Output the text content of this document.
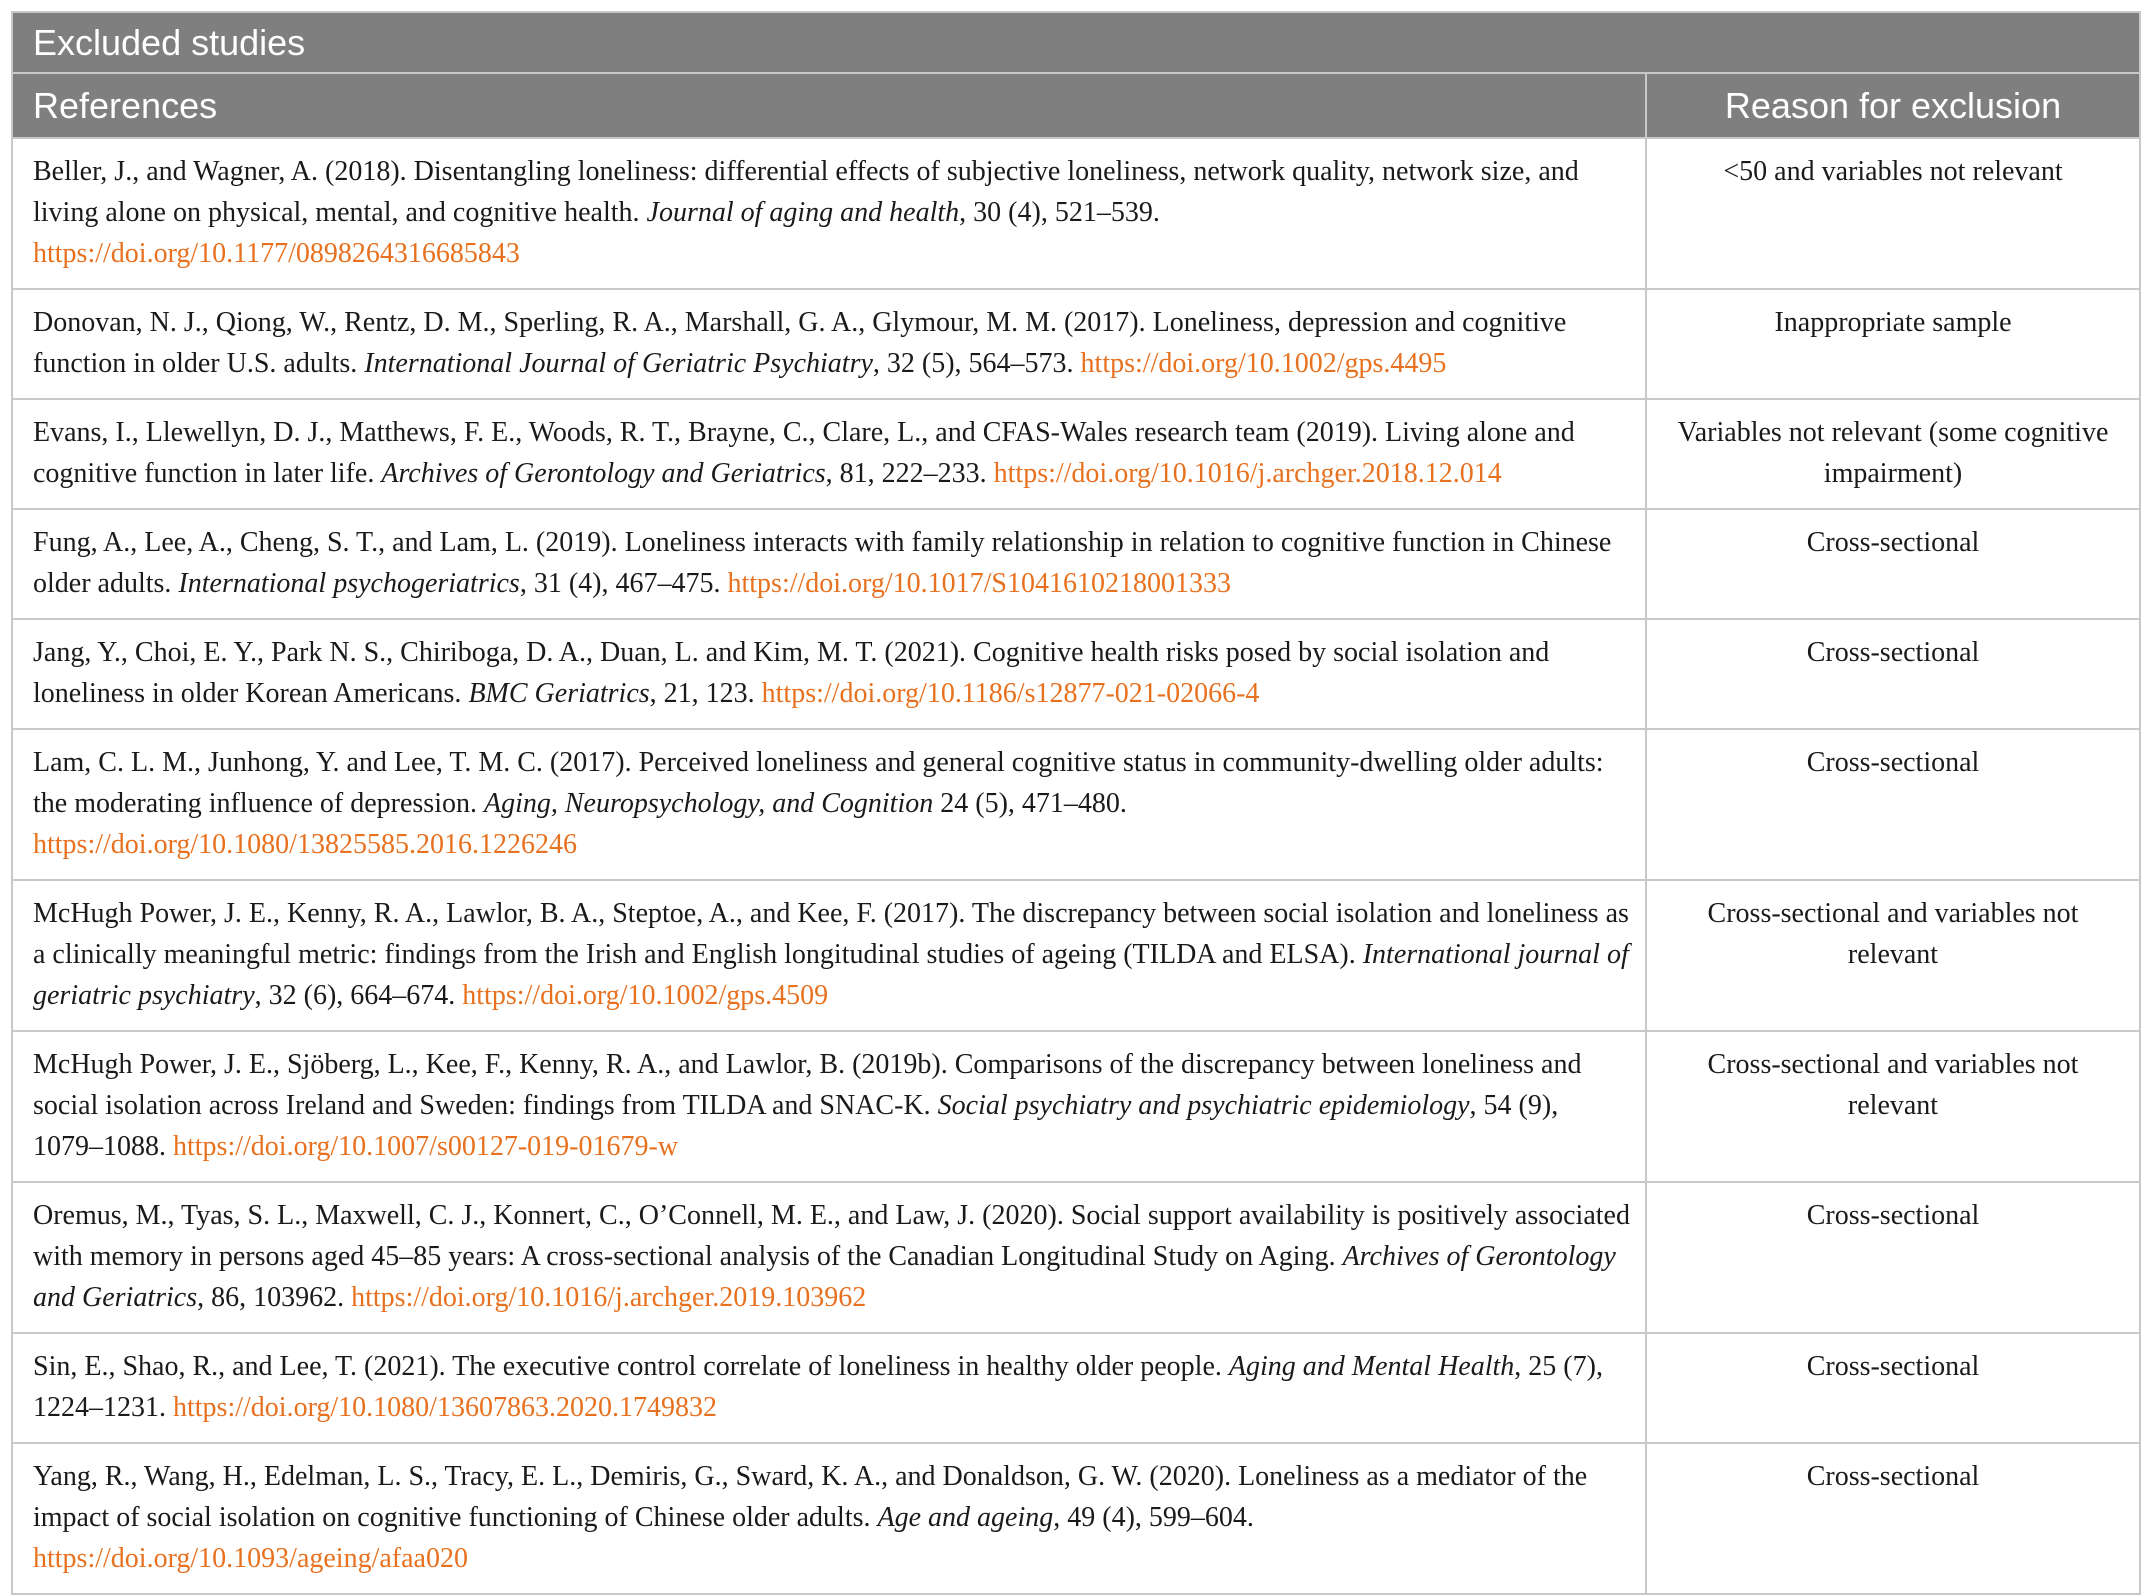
Excluded studies	
References	Reason for exclusion
Beller, J., and Wagner, A. (2018). Disentangling loneliness: differential effects of subjective loneliness, network quality, network size, and living alone on physical, mental, and cognitive health. Journal of aging and health, 30 (4), 521–539. https://doi.org/10.1177/0898264316685843	<50 and variables not relevant
Donovan, N. J., Qiong, W., Rentz, D. M., Sperling, R. A., Marshall, G. A., Glymour, M. M. (2017). Loneliness, depression and cognitive function in older U.S. adults. International Journal of Geriatric Psychiatry, 32 (5), 564–573. https://doi.org/10.1002/gps.4495	Inappropriate sample
Evans, I., Llewellyn, D. J., Matthews, F. E., Woods, R. T., Brayne, C., Clare, L., and CFAS-Wales research team (2019). Living alone and cognitive function in later life. Archives of Gerontology and Geriatrics, 81, 222–233. https://doi.org/10.1016/j.archger.2018.12.014	Variables not relevant (some cognitive impairment)
Fung, A., Lee, A., Cheng, S. T., and Lam, L. (2019). Loneliness interacts with family relationship in relation to cognitive function in Chinese older adults. International psychogeriatrics, 31 (4), 467–475. https://doi.org/10.1017/S1041610218001333	Cross-sectional
Jang, Y., Choi, E. Y., Park N. S., Chiriboga, D. A., Duan, L. and Kim, M. T. (2021). Cognitive health risks posed by social isolation and loneliness in older Korean Americans. BMC Geriatrics, 21, 123. https://doi.org/10.1186/s12877-021-02066-4	Cross-sectional
Lam, C. L. M., Junhong, Y. and Lee, T. M. C. (2017). Perceived loneliness and general cognitive status in community-dwelling older adults: the moderating influence of depression. Aging, Neuropsychology, and Cognition 24 (5), 471–480. https://doi.org/10.1080/13825585.2016.1226246	Cross-sectional
McHugh Power, J. E., Kenny, R. A., Lawlor, B. A., Steptoe, A., and Kee, F. (2017). The discrepancy between social isolation and loneliness as a clinically meaningful metric: findings from the Irish and English longitudinal studies of ageing (TILDA and ELSA). International journal of geriatric psychiatry, 32 (6), 664–674. https://doi.org/10.1002/gps.4509	Cross-sectional and variables not relevant
McHugh Power, J. E., Sjöberg, L., Kee, F., Kenny, R. A., and Lawlor, B. (2019b). Comparisons of the discrepancy between loneliness and social isolation across Ireland and Sweden: findings from TILDA and SNAC-K. Social psychiatry and psychiatric epidemiology, 54 (9), 1079–1088. https://doi.org/10.1007/s00127-019-01679-w	Cross-sectional and variables not relevant
Oremus, M., Tyas, S. L., Maxwell, C. J., Konnert, C., O’Connell, M. E., and Law, J. (2020). Social support availability is positively associated with memory in persons aged 45–85 years: A cross-sectional analysis of the Canadian Longitudinal Study on Aging. Archives of Gerontology and Geriatrics, 86, 103962. https://doi.org/10.1016/j.archger.2019.103962	Cross-sectional
Sin, E., Shao, R., and Lee, T. (2021). The executive control correlate of loneliness in healthy older people. Aging and Mental Health, 25 (7), 1224–1231. https://doi.org/10.1080/13607863.2020.1749832	Cross-sectional
Yang, R., Wang, H., Edelman, L. S., Tracy, E. L., Demiris, G., Sward, K. A., and Donaldson, G. W. (2020). Loneliness as a mediator of the impact of social isolation on cognitive functioning of Chinese older adults. Age and ageing, 49 (4), 599–604. https://doi.org/10.1093/ageing/afaa020	Cross-sectional
